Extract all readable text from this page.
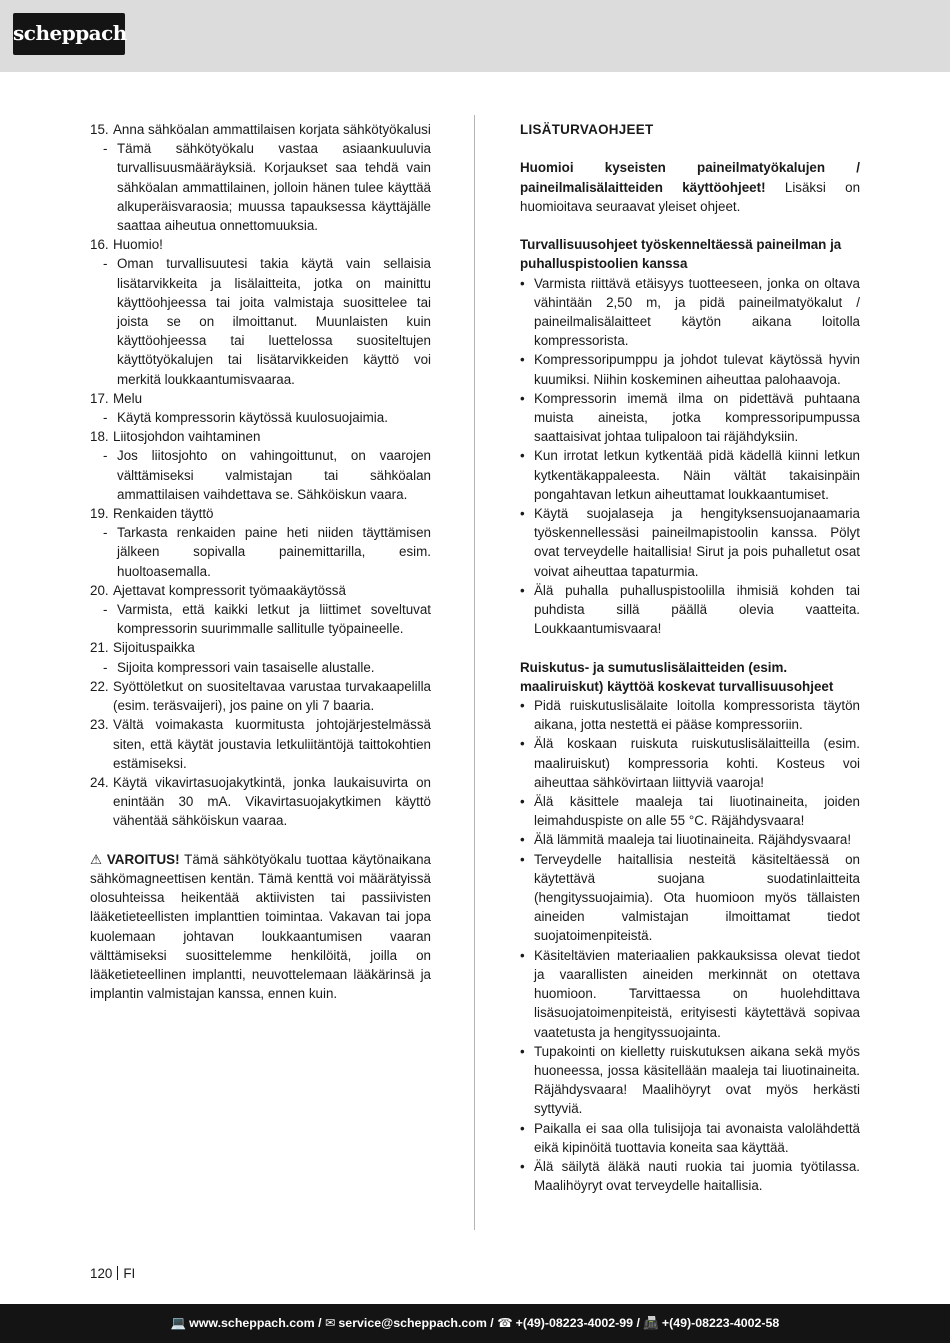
scheppach
15. Anna sähköalan ammattilaisen korjata sähkötyökalusi
- Tämä sähkötyökalu vastaa asiaankuuluvia turvallisuusmääräyksiä. Korjaukset saa tehdä vain sähköalan ammattilainen, jolloin hänen tulee käyttää alkuperäisvaraosia; muussa tapauksessa käyttäjälle saattaa aiheutua onnettomuuksia.
16. Huomio!
- Oman turvallisuutesi takia käytä vain sellaisia lisätarvikkeita ja lisälaitteita, jotka on mainittu käyttöohjeessa tai joita valmistaja suosittelee tai joista se on ilmoittanut. Muunlaisten kuin käyttöohjeessa tai luettelossa suositeltujen käyttötyökalujen tai lisätarvikkeiden käyttö voi merkitä loukkaantumisvaaraa.
17. Melu
- Käytä kompressorin käytössä kuulosuojaimia.
18. Liitosjohdon vaihtaminen
- Jos liitosjohto on vahingoittunut, on vaarojen välttämiseksi valmistajan tai sähköalan ammattilaisen vaihdettava se. Sähköiskun vaara.
19. Renkaiden täyttö
- Tarkasta renkaiden paine heti niiden täyttämisen jälkeen sopivalla painemittarilla, esim. huoltoasemalla.
20. Ajettavat kompressorit työmaakäytössä
- Varmista, että kaikki letkut ja liittimet soveltuvat kompressorin suurimmalle sallitulle työpaineelle.
21. Sijoituspaikka
- Sijoita kompressori vain tasaiselle alustalle.
22. Syöttöletkut on suositeltavaa varustaa turvakaapelilla (esim. teräsvaijeri), jos paine on yli 7 baaria.
23. Vältä voimakasta kuormitusta johtojärjestelmässä siten, että käytät joustavia letkuliitäntöjä taittokohtien estämiseksi.
24. Käytä vikavirtasuojakytkintä, jonka laukaisuvirta on enintään 30 mA. Vikavirtasuojakytkimen käyttö vähentää sähköiskun vaaraa.
⚠ VAROITUS! Tämä sähkötyökalu tuottaa käytönaikana sähkömagneettisen kentän. Tämä kenttä voi määrätyissä olosuhteissa heikentää aktiivisten tai passiivisten lääketieteellisten implanttien toimintaa. Vakavan tai jopa kuolemaan johtavan loukkaantumisen vaaran välttämiseksi suosittelemme henkilöitä, joilla on lääketieteellinen implantti, neuvottelemaan lääkärinsä ja implantin valmistajan kanssa, ennen kuin.
LISÄTURVAOHJEET
Huomioi kyseisten paineilmatyökalujen / paineilmalisälaitteiden käyttöohjeet! Lisäksi on huomioitava seuraavat yleiset ohjeet.
Turvallisuusohjeet työskenneltäessä paineilman ja puhalluspistoolien kanssa
• Varmista riittävä etäisyys tuotteeseen, jonka on oltava vähintään 2,50 m, ja pidä paineilmatyökalut / paineilmalisälaitteet käytön aikana loitolla kompressorista.
• Kompressoripumppu ja johdot tulevat käytössä hyvin kuumiksi. Niihin koskeminen aiheuttaa palohaavoja.
• Kompressorin imemä ilma on pidettävä puhtaana muista aineista, jotka kompressoripumpussa saattaisivat johtaa tulipaloon tai räjähdyksiin.
• Kun irrotat letkun kytkentää pidä kädellä kiinni letkun kytkentäkappaleesta. Näin vältät takaisinpäin pongahtavan letkun aiheuttamat loukkaantumiset.
• Käytä suojalaseja ja hengityksensuojanaamaria työskennellessäsi paineilmapistoolin kanssa. Pölyt ovat terveydelle haitallisia! Sirut ja pois puhalletut osat voivat aiheuttaa tapaturmia.
• Älä puhalla puhalluspistoolilla ihmisiä kohden tai puhdista sillä päällä olevia vaatteita. Loukkaantumisvaara!
Ruiskutus- ja sumutuslisälaitteiden (esim. maaliruiskut) käyttöä koskevat turvallisuusohjeet
• Pidä ruiskutuslisälaite loitolla kompressorista täytön aikana, jotta nestettä ei pääse kompressoriin.
• Älä koskaan ruiskuta ruiskutuslisälaitteilla (esim. maaliruiskut) kompressoria kohti. Kosteus voi aiheuttaa sähkövirtaan liittyviä vaaroja!
• Älä käsittele maaleja tai liuotinaineita, joiden leimahduspiste on alle 55 °C. Räjähdysvaara!
• Älä lämmitä maaleja tai liuotinaineita. Räjähdysvaara!
• Terveydelle haitallisia nesteitä käsiteltäessä on käytettävä suojana suodatinlaitteita (hengityssuojaimia). Ota huomioon myös tällaisten aineiden valmistajan ilmoittamat tiedot suojatoimenpiteistä.
• Käsiteltävien materiaalien pakkauksissa olevat tiedot ja vaarallisten aineiden merkinnät on otettava huomioon. Tarvittaessa on huolehdittava lisäsuojatoimenpiteistä, erityisesti käytettävä sopivaa vaatetusta ja hengityssuojainta.
• Tupakointi on kielletty ruiskutuksen aikana sekä myös huoneessa, jossa käsitellään maaleja tai liuotinaineita. Räjähdysvaara! Maalihöyryt ovat myös herkästi syttyviä.
• Paikalla ei saa olla tulisijoja tai avonaista valolähdettä eikä kipinöitä tuottavia koneita saa käyttää.
• Älä säilytä äläkä nauti ruokia tai juomia työtilassa. Maalihöyryt ovat terveydelle haitallisia.
120 FI
💻 www.scheppach.com / ✉ service@scheppach.com / ☎ +(49)-08223-4002-99 / 📠 +(49)-08223-4002-58
